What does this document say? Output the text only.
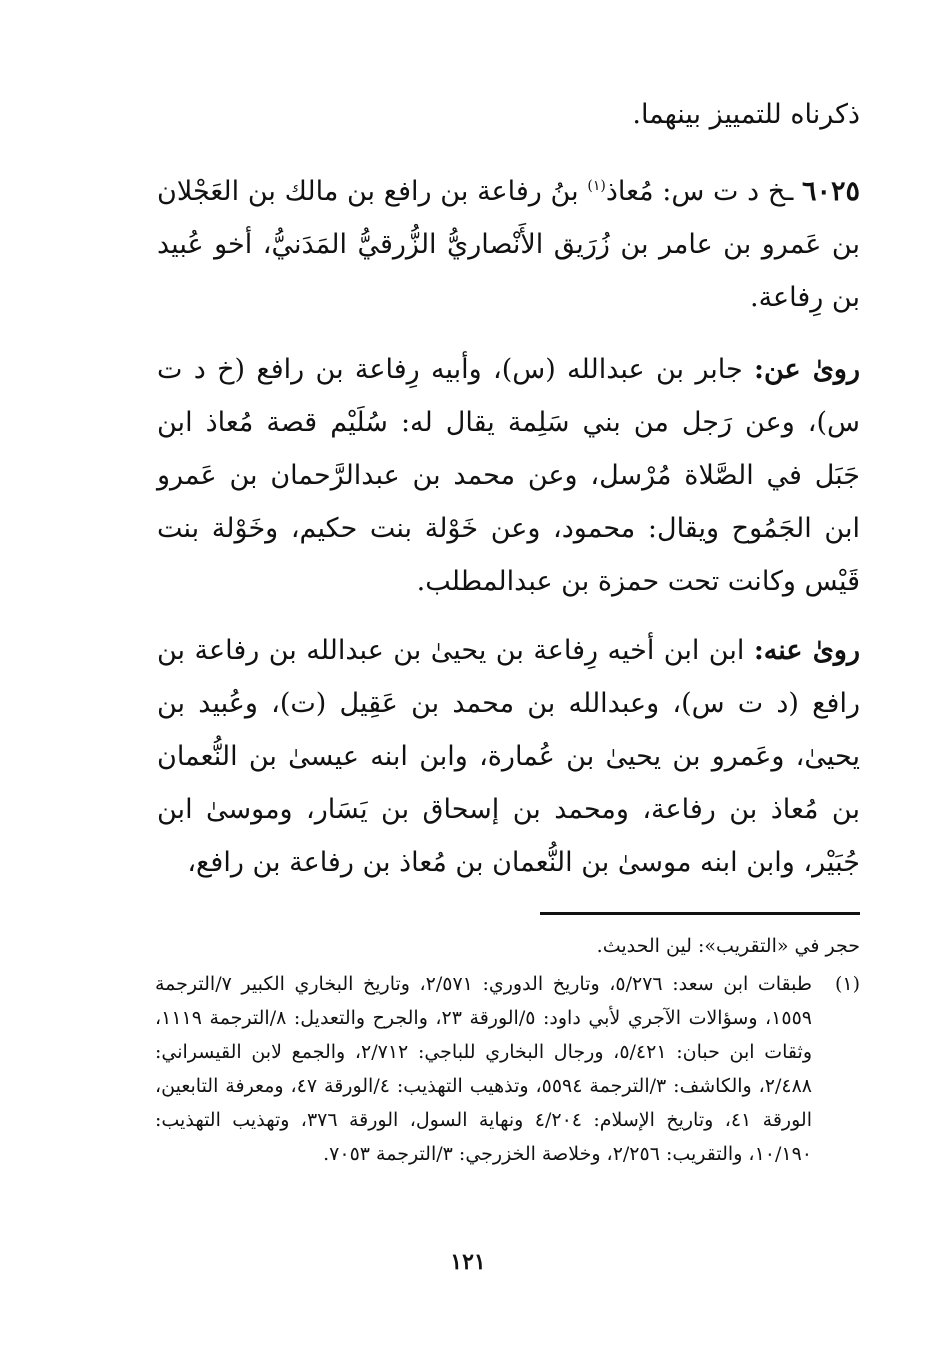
ذكرناه للتمييز بينهما.

٦٠٢٥ ـخ د ت س: مُعاذ$^{(١)}$ بنُ رفاعة بن رافع بن مالك بن العَجْلان بن عَمرو بن عامر بن زُرَيق الأَنْصاريُّ الزُّرقيُّ المَدَنيُّ، أخو عُبيد بن رِفاعة.

روىٰ عن: جابر بن عبدالله (س)، وأبيه رِفاعة بن رافع (خ د ت س)، وعن رَجل من بني سَلِمة يقال له: سُلَيْم قصة مُعاذ ابن جَبَل في الصَّلاة مُرْسل، وعن محمد بن عبدالرَّحمان بن عَمرو ابن الجَمُوح ويقال: محمود، وعن خَوْلة بنت حكيم، وخَوْلة بنت قَيْس وكانت تحت حمزة بن عبدالمطلب.

روىٰ عنه: ابن ابن أخيه رِفاعة بن يحيىٰ بن عبدالله بن رفاعة بن رافع (د ت س)، وعبدالله بن محمد بن عَقِيل (ت)، وعُبيد بن يحيىٰ، وعَمرو بن يحيىٰ بن عُمارة، وابن ابنه عيسىٰ بن النُّعمان بن مُعاذ بن رفاعة، ومحمد بن إسحاق بن يَسَار، وموسىٰ ابن جُبَيْر، وابن ابنه موسىٰ بن النُّعمان بن مُعاذ بن رفاعة بن رافع،

حجر في «التقريب»: لين الحديث.

(١)
طبقات ابن سعد: ٥/٢٧٦، وتاريخ الدوري: ٢/٥٧١، وتاريخ البخاري الكبير ٧/الترجمة ١٥٥٩، وسؤالات الآجري لأبي داود: ٥/الورقة ٢٣، والجرح والتعديل: ٨/الترجمة ١١١٩، وثقات ابن حبان: ٥/٤٢١، ورجال البخاري للباجي: ٢/٧١٢، والجمع لابن القيسراني: ٢/٤٨٨، والكاشف: ٣/الترجمة ٥٥٩٤، وتذهيب التهذيب: ٤/الورقة ٤٧، ومعرفة التابعين، الورقة ٤١، وتاريخ الإسلام: ٤/٢٠٤ ونهاية السول، الورقة ٣٧٦، وتهذيب التهذيب: ١٠/١٩٠، والتقريب: ٢/٢٥٦، وخلاصة الخزرجي: ٣/الترجمة ٧٠٥٣.
١٢١
